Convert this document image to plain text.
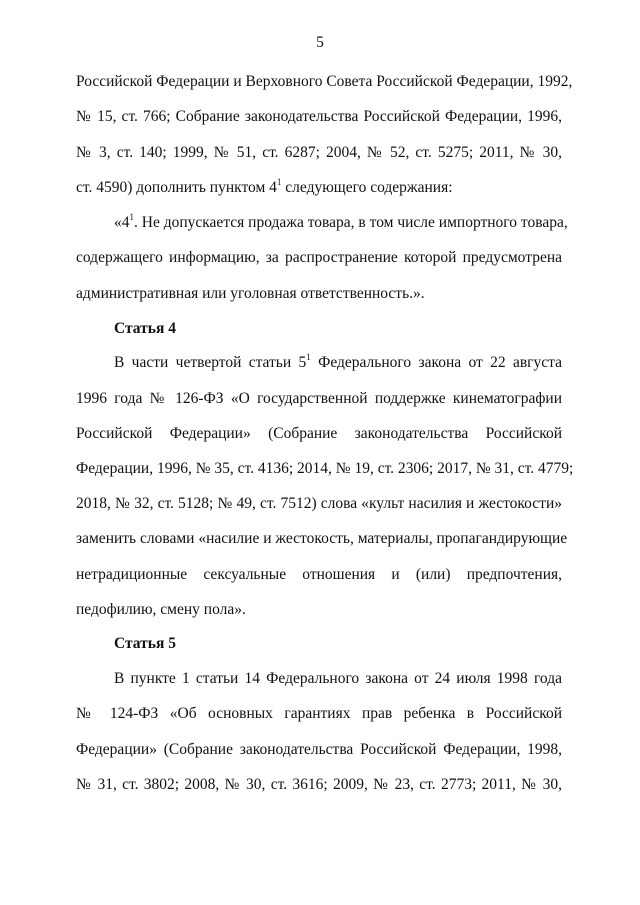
5
Российской Федерации и Верховного Совета Российской Федерации, 1992,
№ 15, ст. 766; Собрание законодательства Российской Федерации, 1996,
№ 3, ст. 140; 1999, № 51, ст. 6287; 2004, № 52, ст. 5275; 2011, № 30,
ст. 4590) дополнить пунктом $4^1$ следующего содержания:
«$4^1$. Не допускается продажа товара, в том числе импортного товара,
содержащего информацию, за распространение которой предусмотрена
административная или уголовная ответственность.».
Статья 4
В части четвертой статьи $5^1$ Федерального закона от 22 августа
1996 года № 126-ФЗ «О государственной поддержке кинематографии
Российской Федерации» (Собрание законодательства Российской
Федерации, 1996, № 35, ст. 4136; 2014, № 19, ст. 2306; 2017, № 31, ст. 4779;
2018, № 32, ст. 5128; № 49, ст. 7512) слова «культ насилия и жестокости»
заменить словами «насилие и жестокость, материалы, пропагандирующие
нетрадиционные сексуальные отношения и (или) предпочтения,
педофилию, смену пола».
Статья 5
В пункте 1 статьи 14 Федерального закона от 24 июля 1998 года
№ 124-ФЗ «Об основных гарантиях прав ребенка в Российской
Федерации» (Собрание законодательства Российской Федерации, 1998,
№ 31, ст. 3802; 2008, № 30, ст. 3616; 2009, № 23, ст. 2773; 2011, № 30,
